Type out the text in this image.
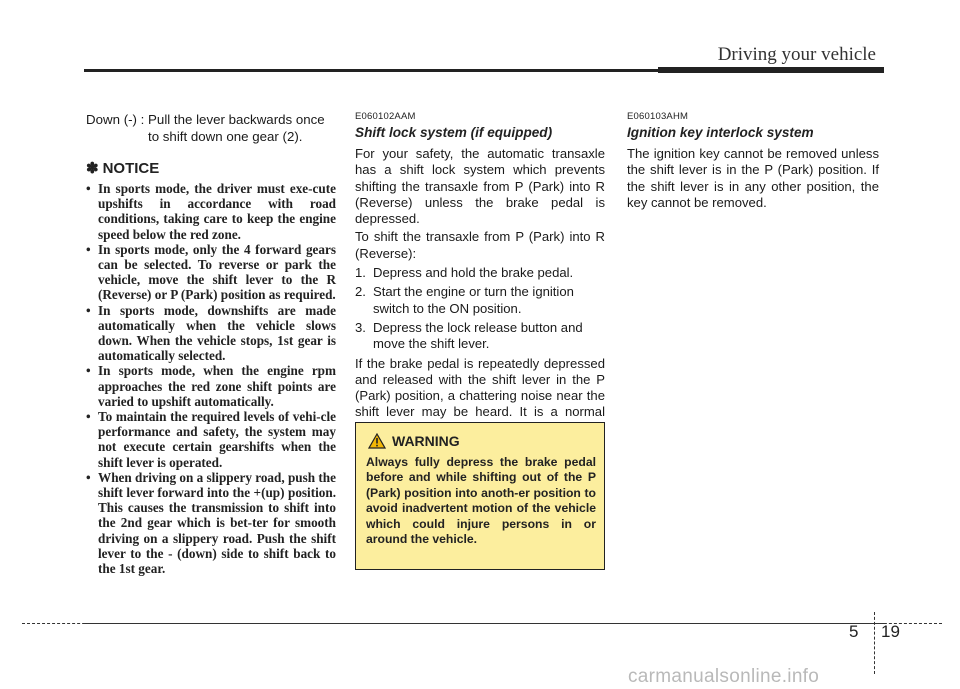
Driving your vehicle
Down (-) : Pull the lever backwards once
to shift down one gear (2).
✽ NOTICE
• In sports mode, the driver must exe-cute upshifts in accordance with road conditions, taking care to keep the engine speed below the red zone.
• In sports mode, only the 4 forward gears can be selected. To reverse or park the vehicle, move the shift lever to the R (Reverse) or P (Park) position as required.
• In sports mode, downshifts are made automatically when the vehicle slows down. When the vehicle stops, 1st gear is automatically selected.
• In sports mode, when the engine rpm approaches the red zone shift points are varied to upshift automatically.
• To maintain the required levels of vehi-cle performance and safety, the system may not execute certain gearshifts when the shift lever is operated.
• When driving on a slippery road, push the shift lever forward into the +(up) position. This causes the transmission to shift into the 2nd gear which is bet-ter for smooth driving on a slippery road. Push the shift lever to the - (down) side to shift back to the 1st gear.
E060102AAM
Shift lock system (if equipped)

For your safety, the automatic transaxle has a shift lock system which prevents shifting the transaxle from P (Park) into R (Reverse) unless the brake pedal is depressed.

To shift the transaxle from P (Park) into R (Reverse):

1. Depress and hold the brake pedal.
2. Start the engine or turn the ignition switch to the ON position.
3. Depress the lock release button and move the shift lever.

If the brake pedal is repeatedly depressed and released with the shift lever in the P (Park) position, a chattering noise near the shift lever may be heard. It is a normal

WARNING
Always fully depress the brake pedal before and while shifting out of the P (Park) position into anoth-er position to avoid inadvertent motion of the vehicle which could injure persons in or around the vehicle.
E060103AHM
Ignition key interlock system

The ignition key cannot be removed unless the shift lever is in the P (Park) position. If the shift lever is in any other position, the key cannot be removed.

5 19
carmanualsonline.info
